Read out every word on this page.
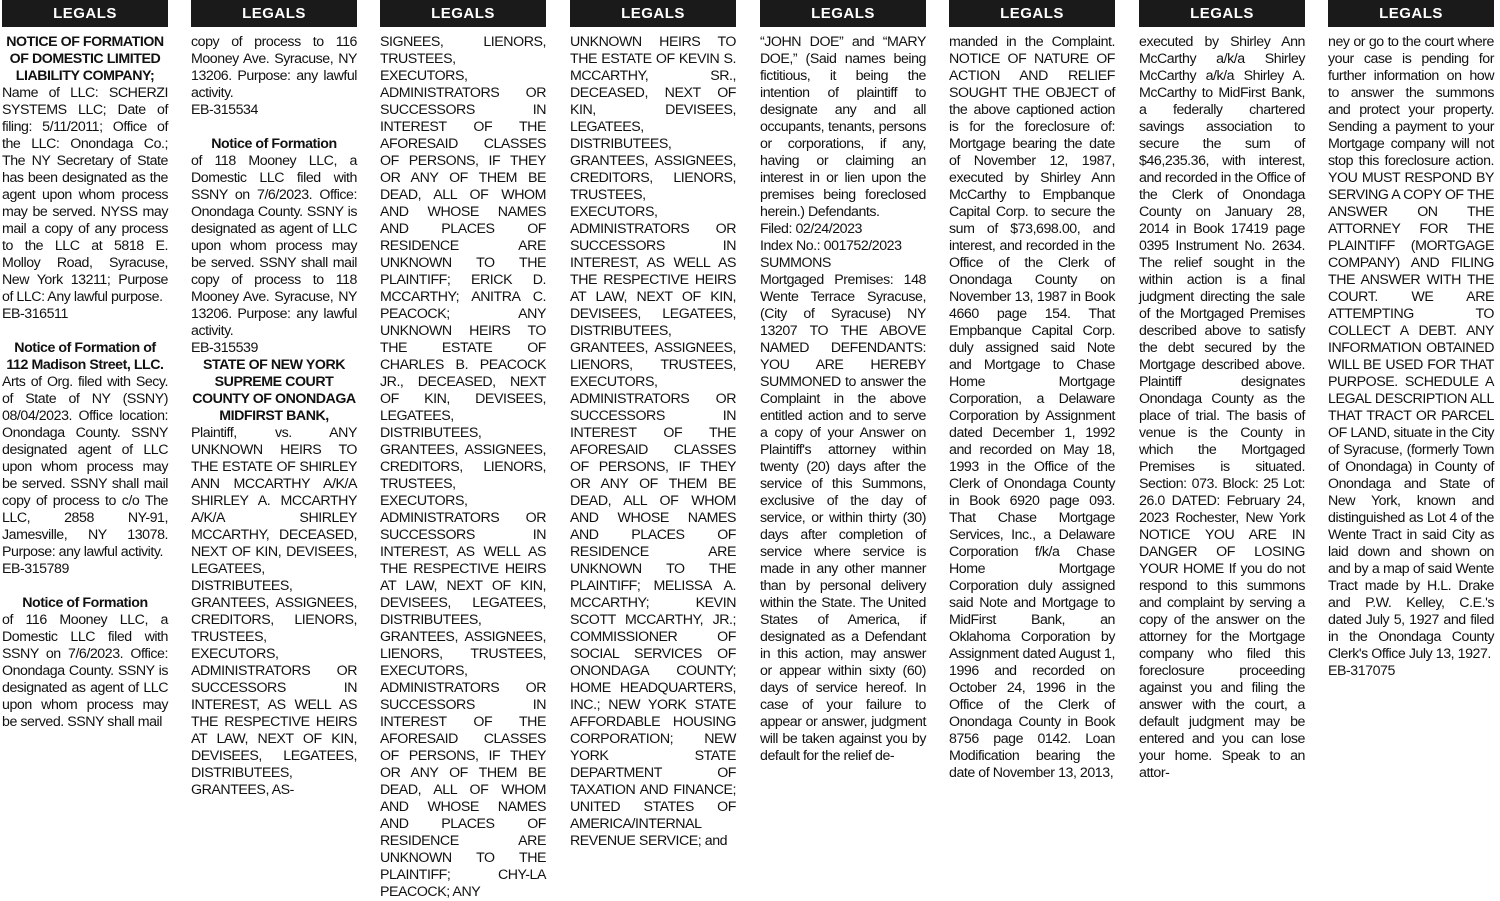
LEGALS
NOTICE OF FORMATION OF DOMESTIC LIMITED LIABILITY COMPANY;
Name of LLC: SCHERZI SYSTEMS LLC; Date of filing: 5/11/2011; Office of the LLC: Onondaga Co.; The NY Secretary of State has been designated as the agent upon whom process may be served. NYSS may mail a copy of any process to the LLC at 5818 E. Molloy Road, Syracuse, New York 13211; Purpose of LLC: Any lawful purpose.
EB-316511
Notice of Formation of 112 Madison Street, LLC.
Arts of Org. filed with Secy. of State of NY (SSNY) 08/04/2023. Office location: Onondaga County. SSNY designated agent of LLC upon whom process may be served. SSNY shall mail copy of process to c/o The LLC, 2858 NY-91, Jamesville, NY 13078. Purpose: any lawful activity.
EB-315789
Notice of Formation
of 116 Mooney LLC, a Domestic LLC filed with SSNY on 7/6/2023. Office: Onondaga County. SSNY is designated as agent of LLC upon whom process may be served. SSNY shall mail
LEGALS
copy of process to 116 Mooney Ave. Syracuse, NY 13206. Purpose: any lawful activity.
EB-315534
Notice of Formation
of 118 Mooney LLC, a Domestic LLC filed with SSNY on 7/6/2023. Office: Onondaga County. SSNY is designated as agent of LLC upon whom process may be served. SSNY shall mail copy of process to 118 Mooney Ave. Syracuse, NY 13206. Purpose: any lawful activity.
EB-315539
STATE OF NEW YORK SUPREME COURT COUNTY OF ONONDAGA MIDFIRST BANK,
Plaintiff, vs. ANY UNKNOWN HEIRS TO THE ESTATE OF SHIRLEY ANN MCCARTHY A/K/A SHIRLEY A. MCCARTHY A/K/A SHIRLEY MCCARTHY, DECEASED, NEXT OF KIN, DEVISEES, LEGATEES, DISTRIBUTEES, GRANTEES, ASSIGNEES, CREDITORS, LIENORS, TRUSTEES, EXECUTORS, ADMINISTRATORS OR SUCCESSORS IN INTEREST, AS WELL AS THE RESPECTIVE HEIRS AT LAW, NEXT OF KIN, DEVISEES, LEGATEES, DISTRIBUTEES, GRANTEES, AS-
LEGALS
SIGNEES, LIENORS, TRUSTEES, EXECUTORS, ADMINISTRATORS OR SUCCESSORS IN INTEREST OF THE AFORESAID CLASSES OF PERSONS, IF THEY OR ANY OF THEM BE DEAD, ALL OF WHOM AND WHOSE NAMES AND PLACES OF RESIDENCE ARE UNKNOWN TO THE PLAINTIFF; ERICK D. MCCARTHY; ANITRA C. PEACOCK; ANY UNKNOWN HEIRS TO THE ESTATE OF CHARLES B. PEACOCK JR., DECEASED, NEXT OF KIN, DEVISEES, LEGATEES, DISTRIBUTEES, GRANTEES, ASSIGNEES, CREDITORS, LIENORS, TRUSTEES, EXECUTORS, ADMINISTRATORS OR SUCCESSORS IN INTEREST, AS WELL AS THE RESPECTIVE HEIRS AT LAW, NEXT OF KIN, DEVISEES, LEGATEES, DISTRIBUTEES, GRANTEES, ASSIGNEES, LIENORS, TRUSTEES, EXECUTORS, ADMINISTRATORS OR SUCCESSORS IN INTEREST OF THE AFORESAID CLASSES OF PERSONS, IF THEY OR ANY OF THEM BE DEAD, ALL OF WHOM AND WHOSE NAMES AND PLACES OF RESIDENCE ARE UNKNOWN TO THE PLAINTIFF; CHY-LA PEACOCK; ANY
LEGALS
UNKNOWN HEIRS TO THE ESTATE OF KEVIN S. MCCARTHY, SR., DECEASED, NEXT OF KIN, DEVISEES, LEGATEES, DISTRIBUTEES, GRANTEES, ASSIGNEES, CREDITORS, LIENORS, TRUSTEES, EXECUTORS, ADMINISTRATORS OR SUCCESSORS IN INTEREST, AS WELL AS THE RESPECTIVE HEIRS AT LAW, NEXT OF KIN, DEVISEES, LEGATEES, DISTRIBUTEES, GRANTEES, ASSIGNEES, LIENORS, TRUSTEES, EXECUTORS, ADMINISTRATORS OR SUCCESSORS IN INTEREST OF THE AFORESAID CLASSES OF PERSONS, IF THEY OR ANY OF THEM BE DEAD, ALL OF WHOM AND WHOSE NAMES AND PLACES OF RESIDENCE ARE UNKNOWN TO THE PLAINTIFF; MELISSA A. MCCARTHY; KEVIN SCOTT MCCARTHY, JR.; COMMISSIONER OF SOCIAL SERVICES OF ONONDAGA COUNTY; HOME HEADQUARTERS, INC.; NEW YORK STATE AFFORDABLE HOUSING CORPORATION; NEW YORK STATE DEPARTMENT OF TAXATION AND FINANCE; UNITED STATES OF AMERICA/INTERNAL REVENUE SERVICE; and
LEGALS
“JOHN DOE” and “MARY DOE,” (Said names being fictitious, it being the intention of plaintiff to designate any and all occupants, tenants, persons or corporations, if any, having or claiming an interest in or lien upon the premises being foreclosed herein.) Defendants.
Filed: 02/24/2023
Index No.: 001752/2023
SUMMONS
Mortgaged Premises: 148 Wente Terrace Syracuse, (City of Syracuse) NY 13207 TO THE ABOVE NAMED DEFENDANTS: YOU ARE HEREBY SUMMONED to answer the Complaint in the above entitled action and to serve a copy of your Answer on Plaintiff's attorney within twenty (20) days after the service of this Summons, exclusive of the day of service, or within thirty (30) days after completion of service where service is made in any other manner than by personal delivery within the State. The United States of America, if designated as a Defendant in this action, may answer or appear within sixty (60) days of service hereof. In case of your failure to appear or answer, judgment will be taken against you by default for the relief de-
LEGALS
manded in the Complaint. NOTICE OF NATURE OF ACTION AND RELIEF SOUGHT THE OBJECT of the above captioned action is for the foreclosure of: Mortgage bearing the date of November 12, 1987, executed by Shirley Ann McCarthy to Empbanque Capital Corp. to secure the sum of $73,698.00, and interest, and recorded in the Office of the Clerk of Onondaga County on November 13, 1987 in Book 4660 page 154. That Empbanque Capital Corp. duly assigned said Note and Mortgage to Chase Home Mortgage Corporation, a Delaware Corporation by Assignment dated December 1, 1992 and recorded on May 18, 1993 in the Office of the Clerk of Onondaga County in Book 6920 page 093. That Chase Mortgage Services, Inc., a Delaware Corporation f/k/a Chase Home Mortgage Corporation duly assigned said Note and Mortgage to MidFirst Bank, an Oklahoma Corporation by Assignment dated August 1, 1996 and recorded on October 24, 1996 in the Office of the Clerk of Onondaga County in Book 8756 page 0142. Loan Modification bearing the date of November 13, 2013,
LEGALS
executed by Shirley Ann McCarthy a/k/a Shirley McCarthy a/k/a Shirley A. McCarthy to MidFirst Bank, a federally chartered savings association to secure the sum of $46,235.36, with interest, and recorded in the Office of the Clerk of Onondaga County on January 28, 2014 in Book 17419 page 0395 Instrument No. 2634. The relief sought in the within action is a final judgment directing the sale of the Mortgaged Premises described above to satisfy the debt secured by the Mortgage described above. Plaintiff designates Onondaga County as the place of trial. The basis of venue is the County in which the Mortgaged Premises is situated. Section: 073. Block: 25 Lot: 26.0 DATED: February 24, 2023 Rochester, New York NOTICE YOU ARE IN DANGER OF LOSING YOUR HOME If you do not respond to this summons and complaint by serving a copy of the answer on the attorney for the Mortgage company who filed this foreclosure proceeding against you and filing the answer with the court, a default judgment may be entered and you can lose your home. Speak to an attor-
LEGALS
ney or go to the court where your case is pending for further information on how to answer the summons and protect your property. Sending a payment to your Mortgage company will not stop this foreclosure action. YOU MUST RESPOND BY SERVING A COPY OF THE ANSWER ON THE ATTORNEY FOR THE PLAINTIFF (MORTGAGE COMPANY) AND FILING THE ANSWER WITH THE COURT. WE ARE ATTEMPTING TO COLLECT A DEBT. ANY INFORMATION OBTAINED WILL BE USED FOR THAT PURPOSE. SCHEDULE A LEGAL DESCRIPTION ALL THAT TRACT OR PARCEL OF LAND, situate in the City of Syracuse, (formerly Town of Onondaga) in County of Onondaga and State of New York, known and distinguished as Lot 4 of the Wente Tract in said City as laid down and shown on and by a map of said Wente Tract made by H.L. Drake and P.W. Kelley, C.E.'s dated July 5, 1927 and filed in the Onondaga County Clerk's Office July 13, 1927.
EB-317075
